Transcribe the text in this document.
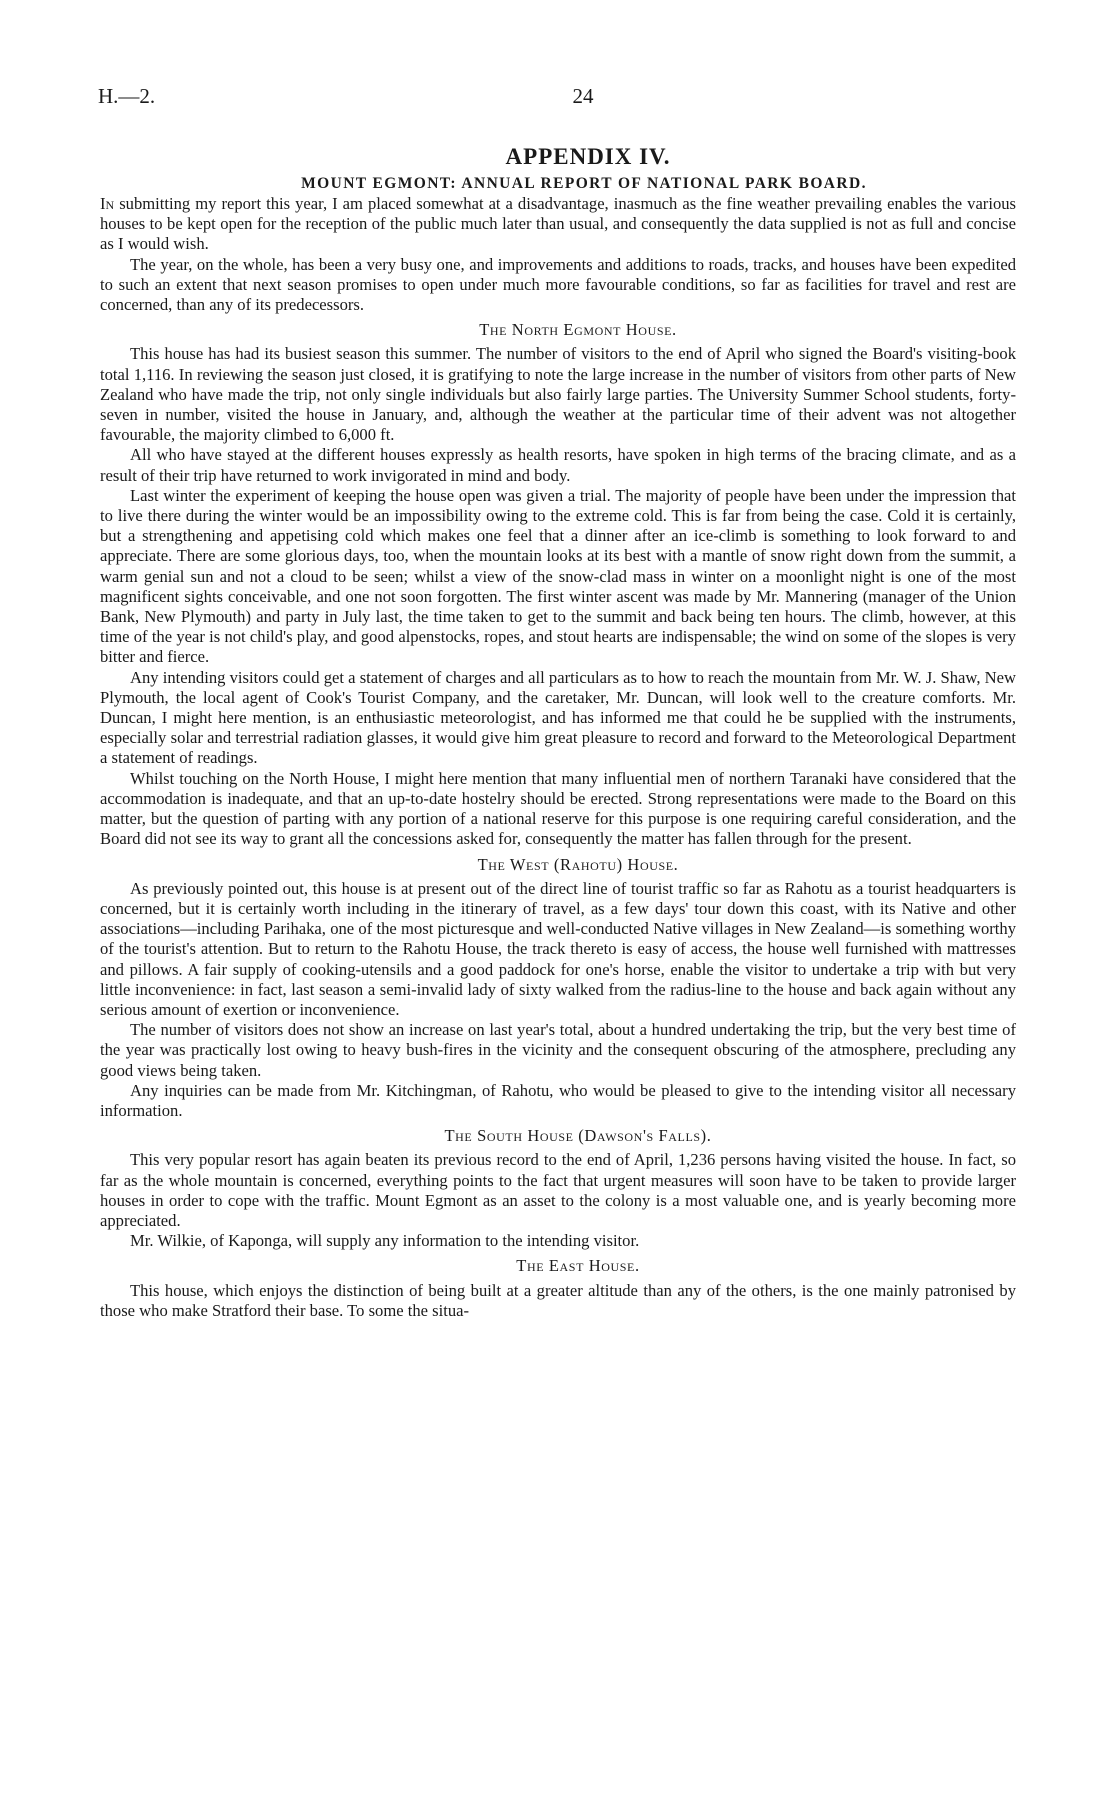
H.—2.	24
APPENDIX IV.
MOUNT EGMONT: ANNUAL REPORT OF NATIONAL PARK BOARD.

In submitting my report this year, I am placed somewhat at a disadvantage, inasmuch as the fine weather prevailing enables the various houses to be kept open for the reception of the public much later than usual, and consequently the data supplied is not as full and concise as I would wish.

The year, on the whole, has been a very busy one, and improvements and additions to roads, tracks, and houses have been expedited to such an extent that next season promises to open under much more favourable conditions, so far as facilities for travel and rest are concerned, than any of its predecessors.

The North Egmont House.

This house has had its busiest season this summer. The number of visitors to the end of April who signed the Board's visiting-book total 1,116. In reviewing the season just closed, it is gratifying to note the large increase in the number of visitors from other parts of New Zealand who have made the trip, not only single individuals but also fairly large parties. The University Summer School students, forty-seven in number, visited the house in January, and, although the weather at the particular time of their advent was not altogether favourable, the majority climbed to 6,000 ft.

All who have stayed at the different houses expressly as health resorts, have spoken in high terms of the bracing climate, and as a result of their trip have returned to work invigorated in mind and body.

Last winter the experiment of keeping the house open was given a trial. The majority of people have been under the impression that to live there during the winter would be an impossibility owing to the extreme cold. This is far from being the case. Cold it is certainly, but a strengthening and appetising cold which makes one feel that a dinner after an ice-climb is something to look forward to and appreciate. There are some glorious days, too, when the mountain looks at its best with a mantle of snow right down from the summit, a warm genial sun and not a cloud to be seen; whilst a view of the snow-clad mass in winter on a moonlight night is one of the most magnificent sights conceivable, and one not soon forgotten. The first winter ascent was made by Mr. Mannering (manager of the Union Bank, New Plymouth) and party in July last, the time taken to get to the summit and back being ten hours. The climb, however, at this time of the year is not child's play, and good alpenstocks, ropes, and stout hearts are indispensable; the wind on some of the slopes is very bitter and fierce.

Any intending visitors could get a statement of charges and all particulars as to how to reach the mountain from Mr. W. J. Shaw, New Plymouth, the local agent of Cook's Tourist Company, and the caretaker, Mr. Duncan, will look well to the creature comforts. Mr. Duncan, I might here mention, is an enthusiastic meteorologist, and has informed me that could he be supplied with the instruments, especially solar and terrestrial radiation glasses, it would give him great pleasure to record and forward to the Meteorological Department a statement of readings.

Whilst touching on the North House, I might here mention that many influential men of northern Taranaki have considered that the accommodation is inadequate, and that an up-to-date hostelry should be erected. Strong representations were made to the Board on this matter, but the question of parting with any portion of a national reserve for this purpose is one requiring careful consideration, and the Board did not see its way to grant all the concessions asked for, consequently the matter has fallen through for the present.

The West (Rahotu) House.

As previously pointed out, this house is at present out of the direct line of tourist traffic so far as Rahotu as a tourist headquarters is concerned, but it is certainly worth including in the itinerary of travel, as a few days' tour down this coast, with its Native and other associations—including Parihaka, one of the most picturesque and well-conducted Native villages in New Zealand—is something worthy of the tourist's attention. But to return to the Rahotu House, the track thereto is easy of access, the house well furnished with mattresses and pillows. A fair supply of cooking-utensils and a good paddock for one's horse, enable the visitor to undertake a trip with but very little inconvenience: in fact, last season a semi-invalid lady of sixty walked from the radius-line to the house and back again without any serious amount of exertion or inconvenience.

The number of visitors does not show an increase on last year's total, about a hundred undertaking the trip, but the very best time of the year was practically lost owing to heavy bush-fires in the vicinity and the consequent obscuring of the atmosphere, precluding any good views being taken.

Any inquiries can be made from Mr. Kitchingman, of Rahotu, who would be pleased to give to the intending visitor all necessary information.

The South House (Dawson's Falls).

This very popular resort has again beaten its previous record to the end of April, 1,236 persons having visited the house. In fact, so far as the whole mountain is concerned, everything points to the fact that urgent measures will soon have to be taken to provide larger houses in order to cope with the traffic. Mount Egmont as an asset to the colony is a most valuable one, and is yearly becoming more appreciated.

Mr. Wilkie, of Kaponga, will supply any information to the intending visitor.

The East House.

This house, which enjoys the distinction of being built at a greater altitude than any of the others, is the one mainly patronised by those who make Stratford their base. To some the situa-
